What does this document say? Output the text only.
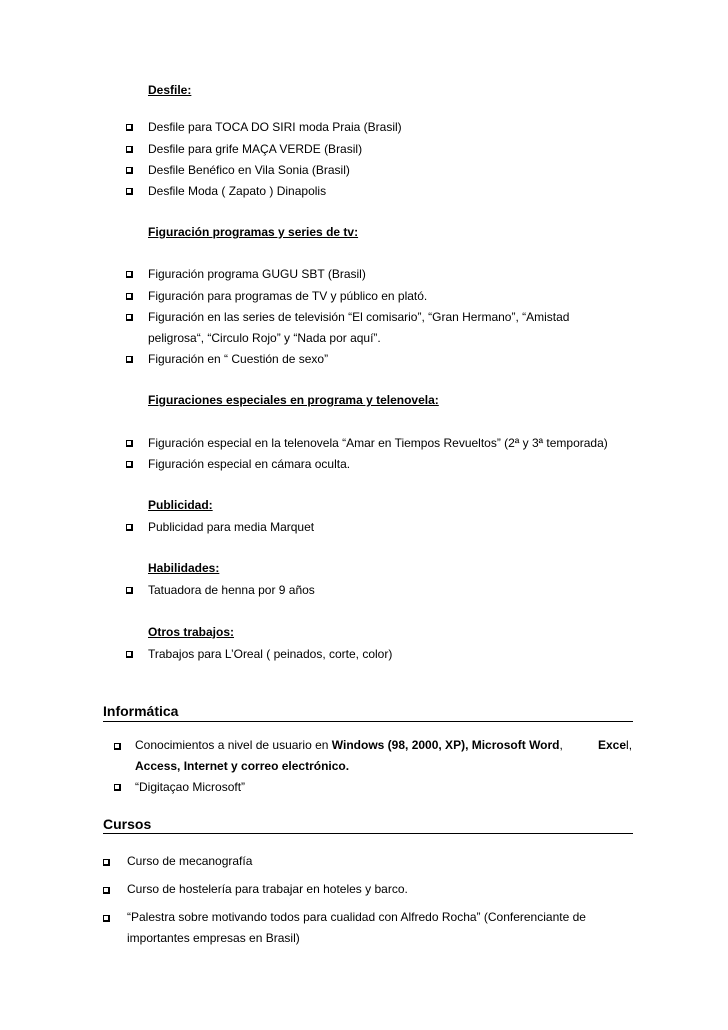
Desfile:
Desfile para TOCA DO SIRI moda Praia (Brasil)
Desfile para grife MAÇA VERDE (Brasil)
Desfile Benéfico en Vila Sonia (Brasil)
Desfile Moda ( Zapato ) Dinapolis
Figuración programas y series de tv:
Figuración programa GUGU SBT (Brasil)
Figuración para programas de TV y público en plató.
Figuración en las series de televisión “El comisario”, “Gran Hermano”, “Amistad
peligrosa“, “Circulo Rojo” y “Nada por aquí”.
Figuración en “ Cuestión de sexo”
Figuraciones especiales en programa y telenovela:
Figuración especial en la telenovela “Amar en Tiempos Revueltos” (2ª y 3ª temporada)
Figuración especial en cámara oculta.
Publicidad:
Publicidad para media Marquet
Habilidades:
Tatuadora de henna por 9 años
Otros trabajos:
Trabajos para L’Oreal ( peinados, corte, color)
Informática
Conocimientos a nivel de usuario en Windows (98, 2000, XP), Microsoft Word,	Excel,
Access, Internet y correo electrónico.
“Digitaçao Microsoft”
Cursos
Curso de mecanografía
Curso de hostelería para trabajar en hoteles y barco.
“Palestra sobre motivando todos para cualidad con Alfredo Rocha” (Conferenciante de
importantes empresas en Brasil)
